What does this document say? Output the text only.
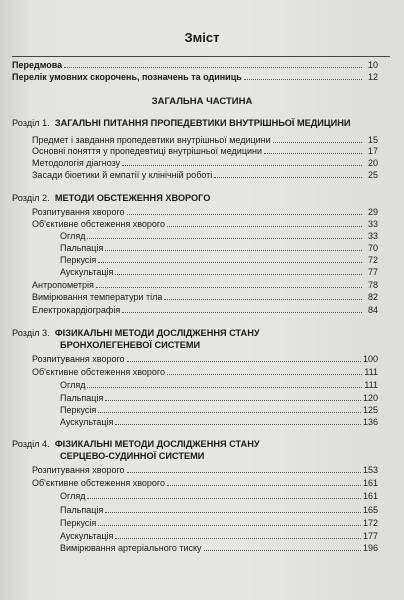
Зміст
Передмова	10
Перелік умовних скорочень, позначень та одиниць	12
ЗАГАЛЬНА ЧАСТИНА
Розділ 1. ЗАГАЛЬНІ ПИТАННЯ ПРОПЕДЕВТИКИ ВНУТРІШНЬОЇ МЕДИЦИНИ
Предмет і завдання пропедевтики внутрішньої медицини	15
Основні поняття у пропедевтиці внутрішньої медицини	17
Методологія діагнозу	20
Засади біоетики й емпатії у клінічній роботі	25
Розділ 2. МЕТОДИ ОБСТЕЖЕННЯ ХВОРОГО
Розпитування хворого	29
Об'єктивне обстеження хворого	33
Огляд	33
Пальпація	70
Перкусія	72
Аускультація	77
Антропометрія	78
Вимірювання температури тіла	82
Електрокардіографія	84
Розділ 3. ФІЗИКАЛЬНІ МЕТОДИ ДОСЛІДЖЕННЯ СТАНУ
БРОНХОЛЕГЕНЕВОЇ СИСТЕМИ
Розпитування хворого	100
Об'єктивне обстеження хворого	111
Огляд	111
Пальпація	120
Перкусія	125
Аускультація	136
Розділ 4. ФІЗИКАЛЬНІ МЕТОДИ ДОСЛІДЖЕННЯ СТАНУ
СЕРЦЕВО-СУДИННОЇ СИСТЕМИ
Розпитування хворого	153
Об'єктивне обстеження хворого	161
Огляд	161
Пальпація	165
Перкусія	172
Аускультація	177
Вимірювання артеріального тиску	196
